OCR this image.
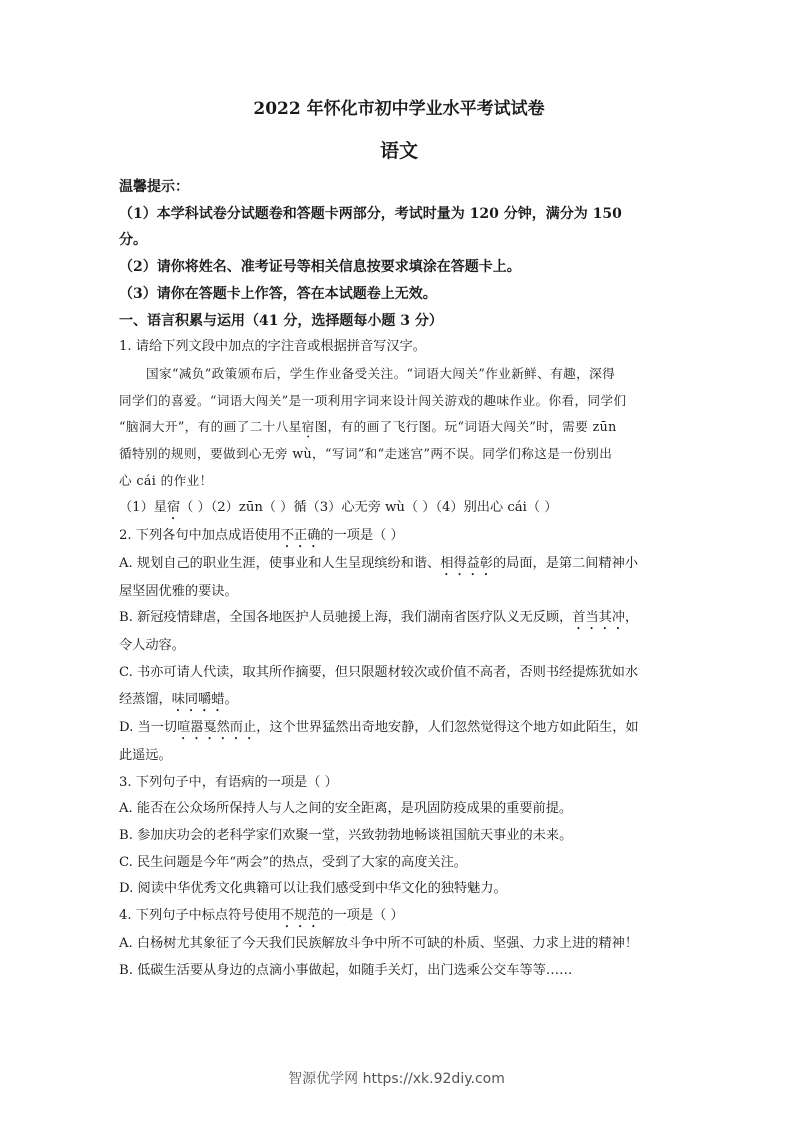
2022 年怀化市初中学业水平考试试卷
语文
温馨提示：
（1）本学科试卷分试题卷和答题卡两部分，考试时量为 120 分钟，满分为 150
分。
（2）请你将姓名、准考证号等相关信息按要求填涂在答题卡上。
（3）请你在答题卡上作答，答在本试题卷上无效。
一、语言积累与运用（41 分，选择题每小题 3 分）
1. 请给下列文段中加点的字注音或根据拼音写汉字。
国家“减负”政策颁布后，学生作业备受关注。“词语大闯关”作业新鲜、有趣，深得
同学们的喜爱。“词语大闯关”是一项利用字词来设计闯关游戏的趣味作业。你看，同学们
“脑洞大开”，有的画了二十八星宿图，有的画了飞行图。玩“词语大闯关”时，需要 zūn
循特别的规则，要做到心无旁 wù，“写词”和“走迷宫”两不误。同学们称这是一份别出
心 cái 的作业！
（1）星宿（ ）（2）zūn（ ）循（3）心无旁 wù（ ）（4）别出心 cái（ ）
2. 下列各句中加点成语使用不正确的一项是（ ）
A. 规划自己的职业生涯，使事业和人生呈现缤纷和谐、相得益彰的局面，是第二间精神小
屋坚固优雅的要诀。
B. 新冠疫情肆虐，全国各地医护人员驰援上海，我们湖南省医疗队义无反顾，首当其冲，
令人动容。
C. 书亦可请人代读，取其所作摘要，但只限题材较次或价值不高者，否则书经提炼犹如水
经蒸馏，味同嚼蜡。
D. 当一切喧嚣戛然而止，这个世界猛然出奇地安静，人们忽然觉得这个地方如此陌生，如
此遥远。
3. 下列句子中，有语病的一项是（ ）
A. 能否在公众场所保持人与人之间的安全距离，是巩固防疫成果的重要前提。
B. 参加庆功会的老科学家们欢聚一堂，兴致勃勃地畅谈祖国航天事业的未来。
C. 民生问题是今年“两会”的热点，受到了大家的高度关注。
D. 阅读中华优秀文化典籍可以让我们感受到中华文化的独特魅力。
4. 下列句子中标点符号使用不规范的一项是（ ）
A. 白杨树尤其象征了今天我们民族解放斗争中所不可缺的朴质、坚强、力求上进的精神！
B. 低碳生活要从身边的点滴小事做起，如随手关灯，出门选乘公交车等等……
智源优学网 https://xk.92diy.com
